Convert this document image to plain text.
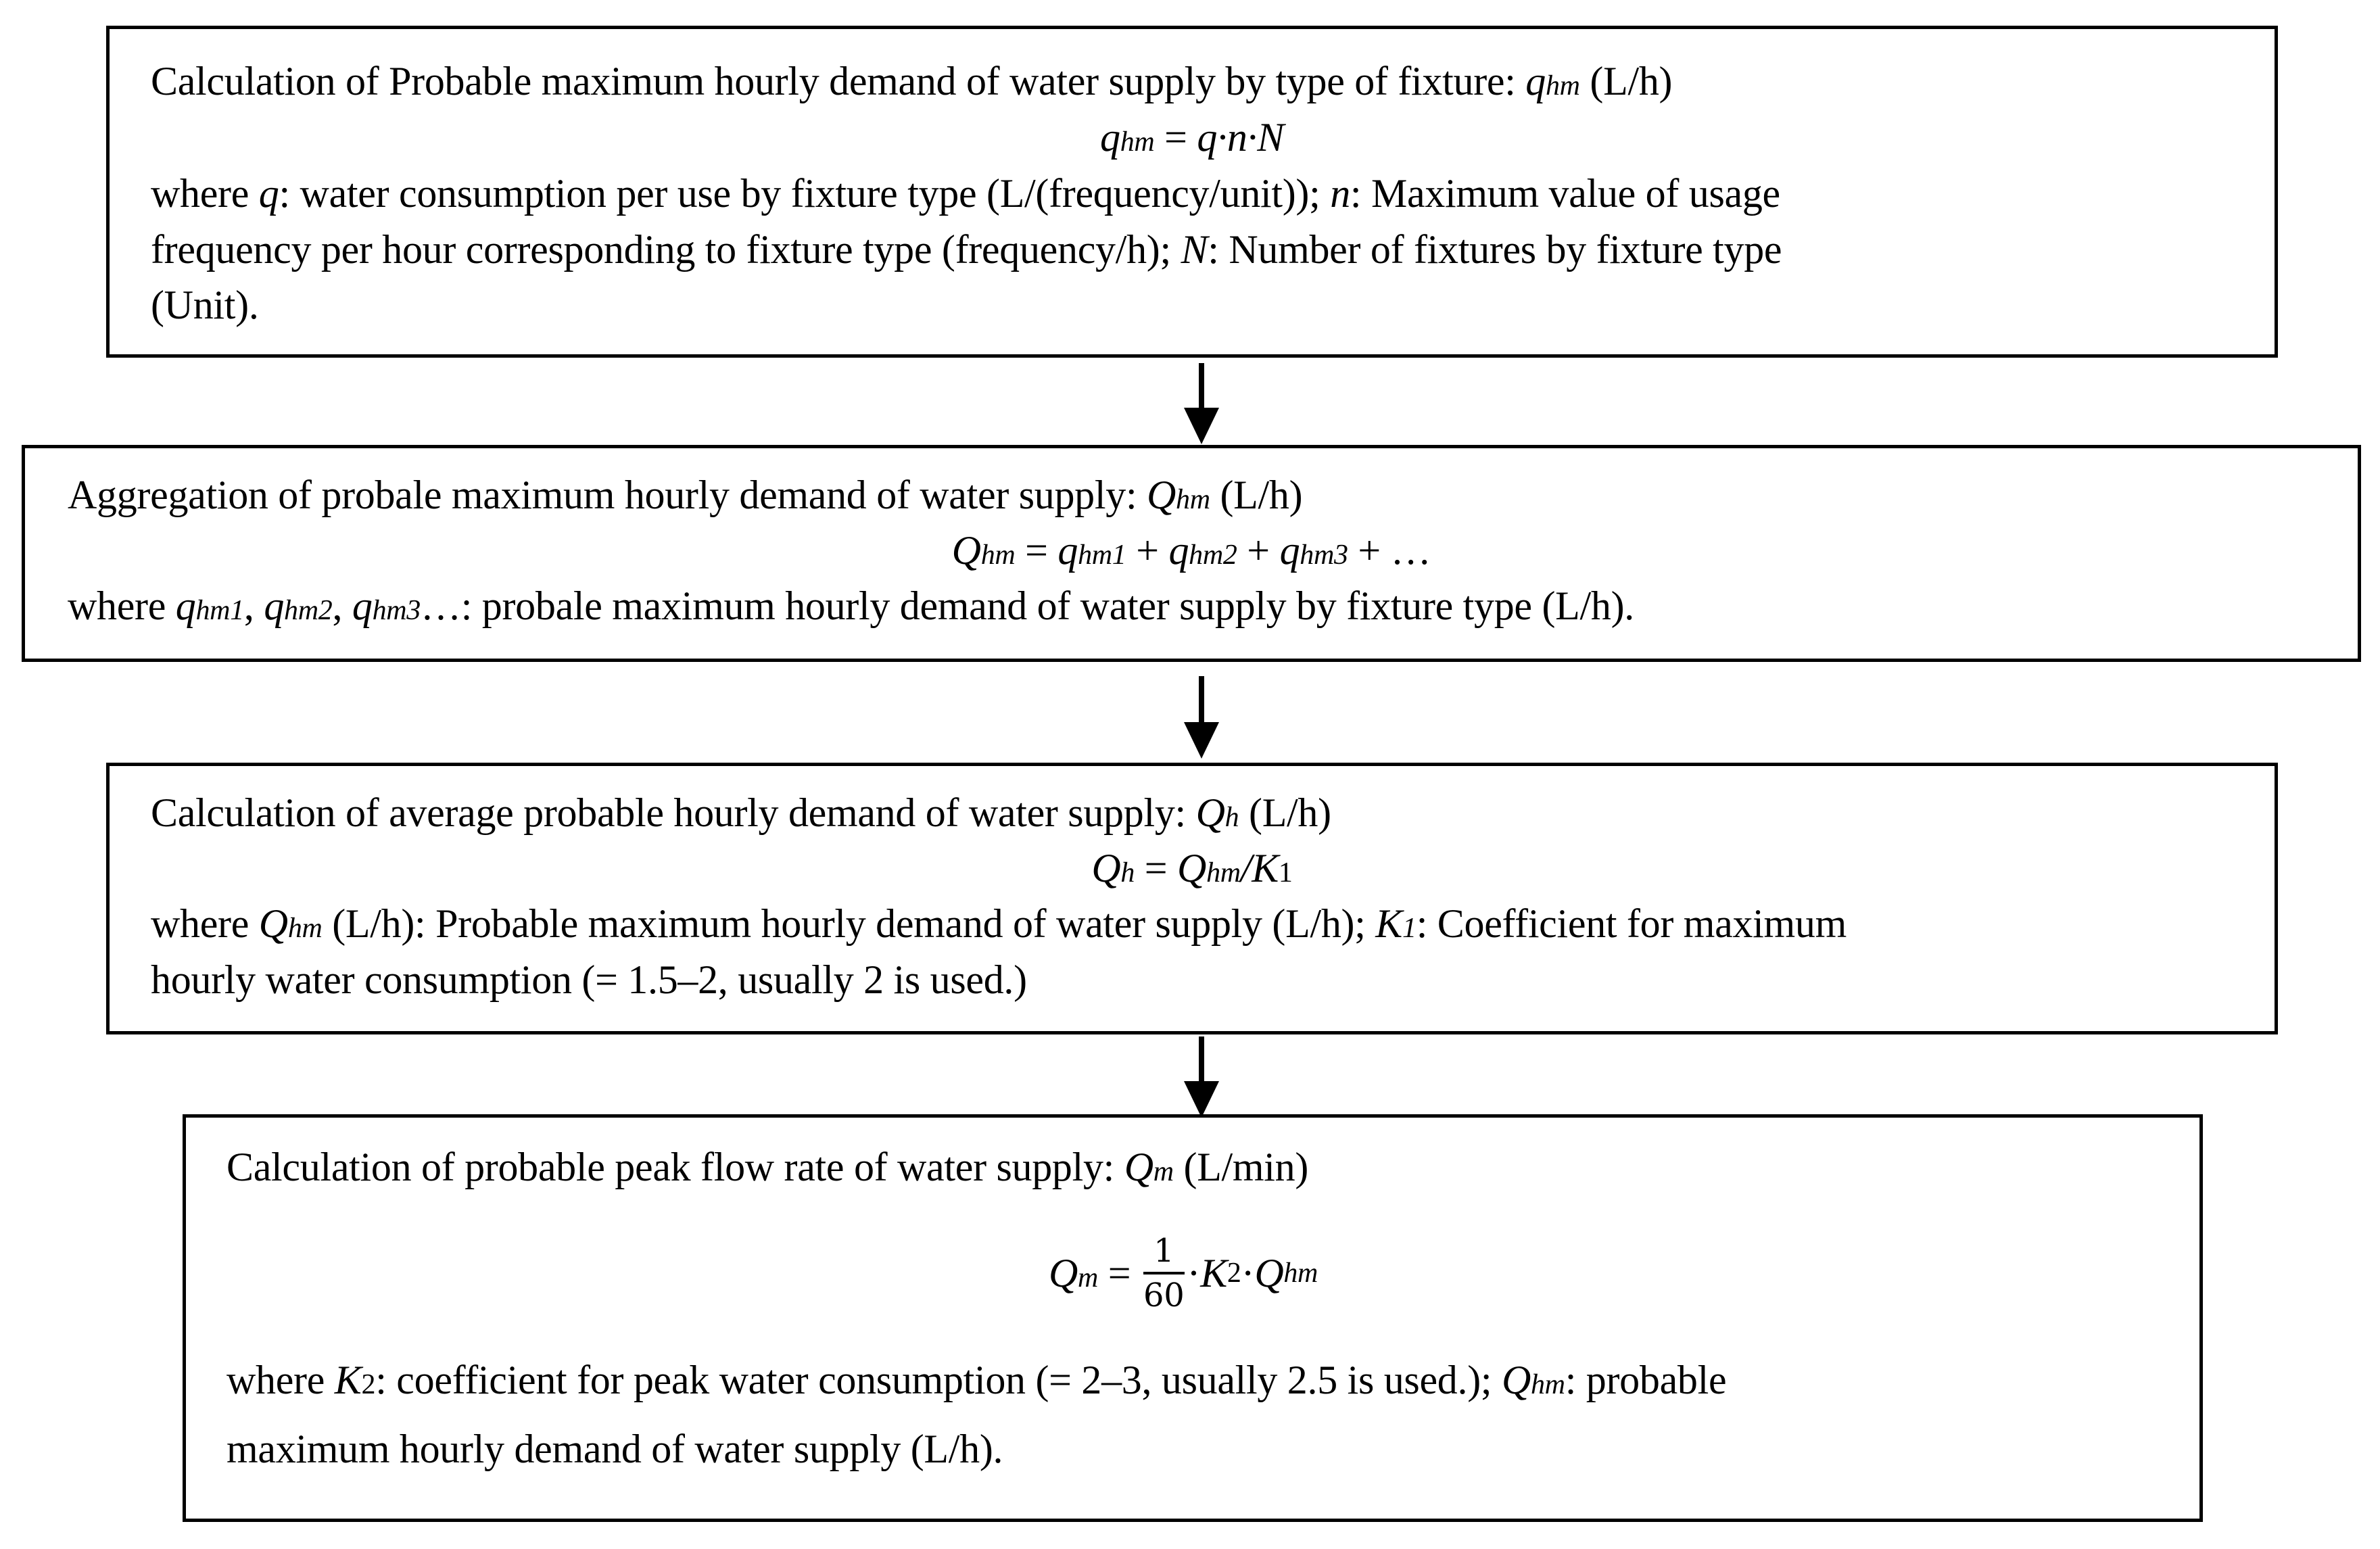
Calculation of Probable maximum hourly demand of water supply by type of fixture: qhm (L/h)
qhm = q·n·N
where q: water consumption per use by fixture type (L/(frequency/unit)); n: Maximum value of usage
frequency per hour corresponding to fixture type (frequency/h); N: Number of fixtures by fixture type
(Unit).
Aggregation of probale maximum hourly demand of water supply: Qhm (L/h)
Qhm = qhm1 + qhm2 + qhm3 + …
where qhm1, qhm2, qhm3…: probale maximum hourly demand of water supply by fixture type (L/h).
Calculation of average probable hourly demand of water supply: Qh (L/h)
Qh = Qhm/K1
where Qhm (L/h): Probable maximum hourly demand of water supply (L/h); K1: Coefficient for maximum
hourly water consumption (= 1.5–2, usually 2 is used.)
Calculation of probable peak flow rate of water supply: Qm (L/min)
$Qm = \frac{1}{60} \cdot K$ 2 · Q hm
where K2: coefficient for peak water consumption (= 2–3, usually 2.5 is used.); Qhm: probable
maximum hourly demand of water supply (L/h).
